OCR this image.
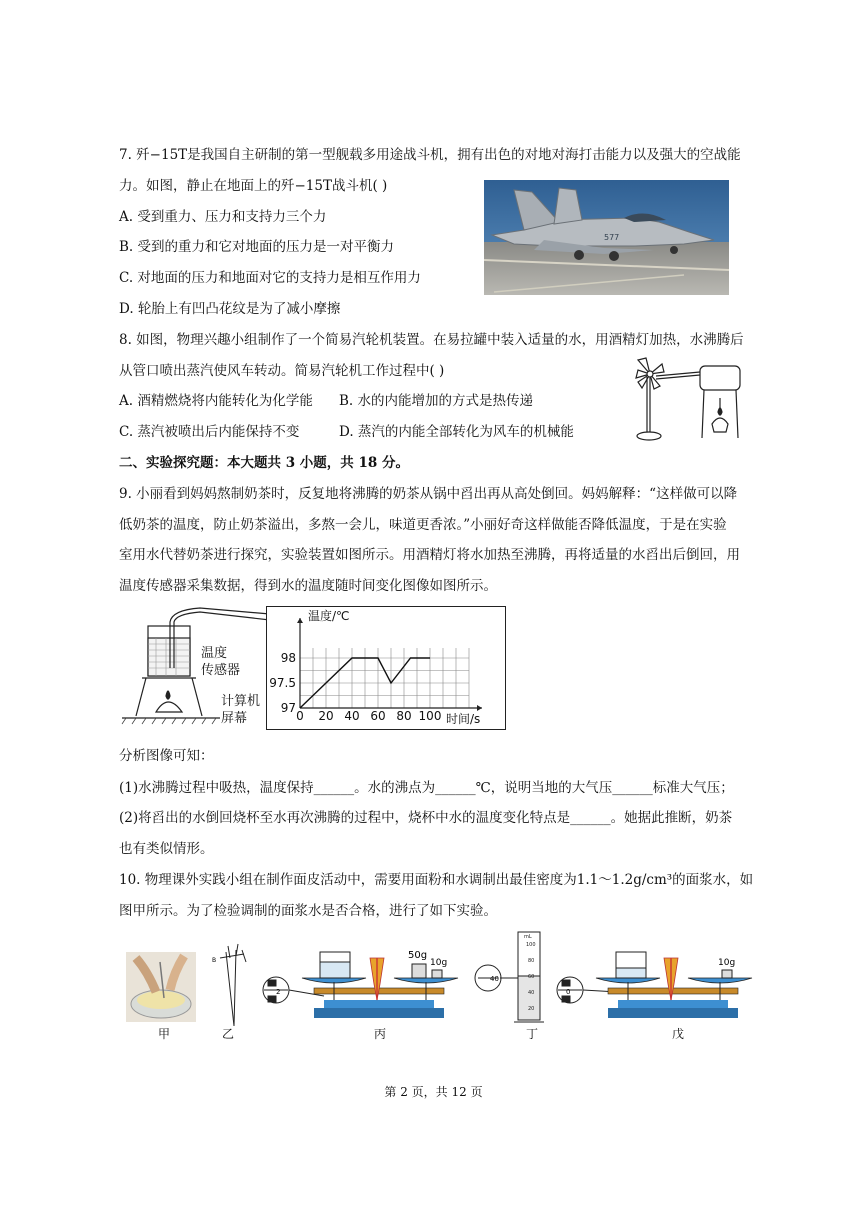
7. 歼−15T是我国自主研制的第一型舰载多用途战斗机，拥有出色的对地对海打击能力以及强大的空战能
力。如图，静止在地面上的歼−15T战斗机( )
A. 受到重力、压力和支持力三个力
B. 受到的重力和它对地面的压力是一对平衡力
C. 对地面的压力和地面对它的支持力是相互作用力
D. 轮胎上有凹凸花纹是为了减小摩擦
577
8. 如图，物理兴趣小组制作了一个简易汽轮机装置。在易拉罐中装入适量的水，用酒精灯加热，水沸腾后
从管口喷出蒸汽使风车转动。简易汽轮机工作过程中( )
A. 酒精燃烧将内能转化为化学能 B. 水的内能增加的方式是热传递
C. 蒸汽被喷出后内能保持不变	D. 蒸汽的内能全部转化为风车的机械能
二、实验探究题：本大题共 3 小题，共 18 分。
9. 小丽看到妈妈熬制奶茶时，反复地将沸腾的奶茶从锅中舀出再从高处倒回。妈妈解释：“这样做可以降
低奶茶的温度，防止奶茶溢出，多熬一会儿，味道更香浓。”小丽好奇这样做能否降低温度，于是在实验
室用水代替奶茶进行探究，实验装置如图所示。用酒精灯将水加热至沸腾，再将适量的水舀出后倒回，用
温度传感器采集数据，得到水的温度随时间变化图像如图所示。
温度
传感器
计算机
屏幕	0 20 40 60 80 100
97
97.5
98
温度/℃
时间/s
分析图像可知：
(1)水沸腾过程中吸热，温度保持______。水的沸点为______℃，说明当地的大气压______标准大气压；
(2)将舀出的水倒回烧杯至水再次沸腾的过程中，烧杯中水的温度变化特点是______。她据此推断，奶茶
也有类似情形。
10. 物理课外实践小组在制作面皮活动中，需要用面粉和水调制出最佳密度为1.1～1.2g/cm³的面浆水，如
图甲所示。为了检验调制的面浆水是否合格，进行了如下实验。
B
2
50g
10g
mL
100
80
60
40
20
40
0
10g
甲	乙	丙	丁	戊
第 2 页，共 12 页
